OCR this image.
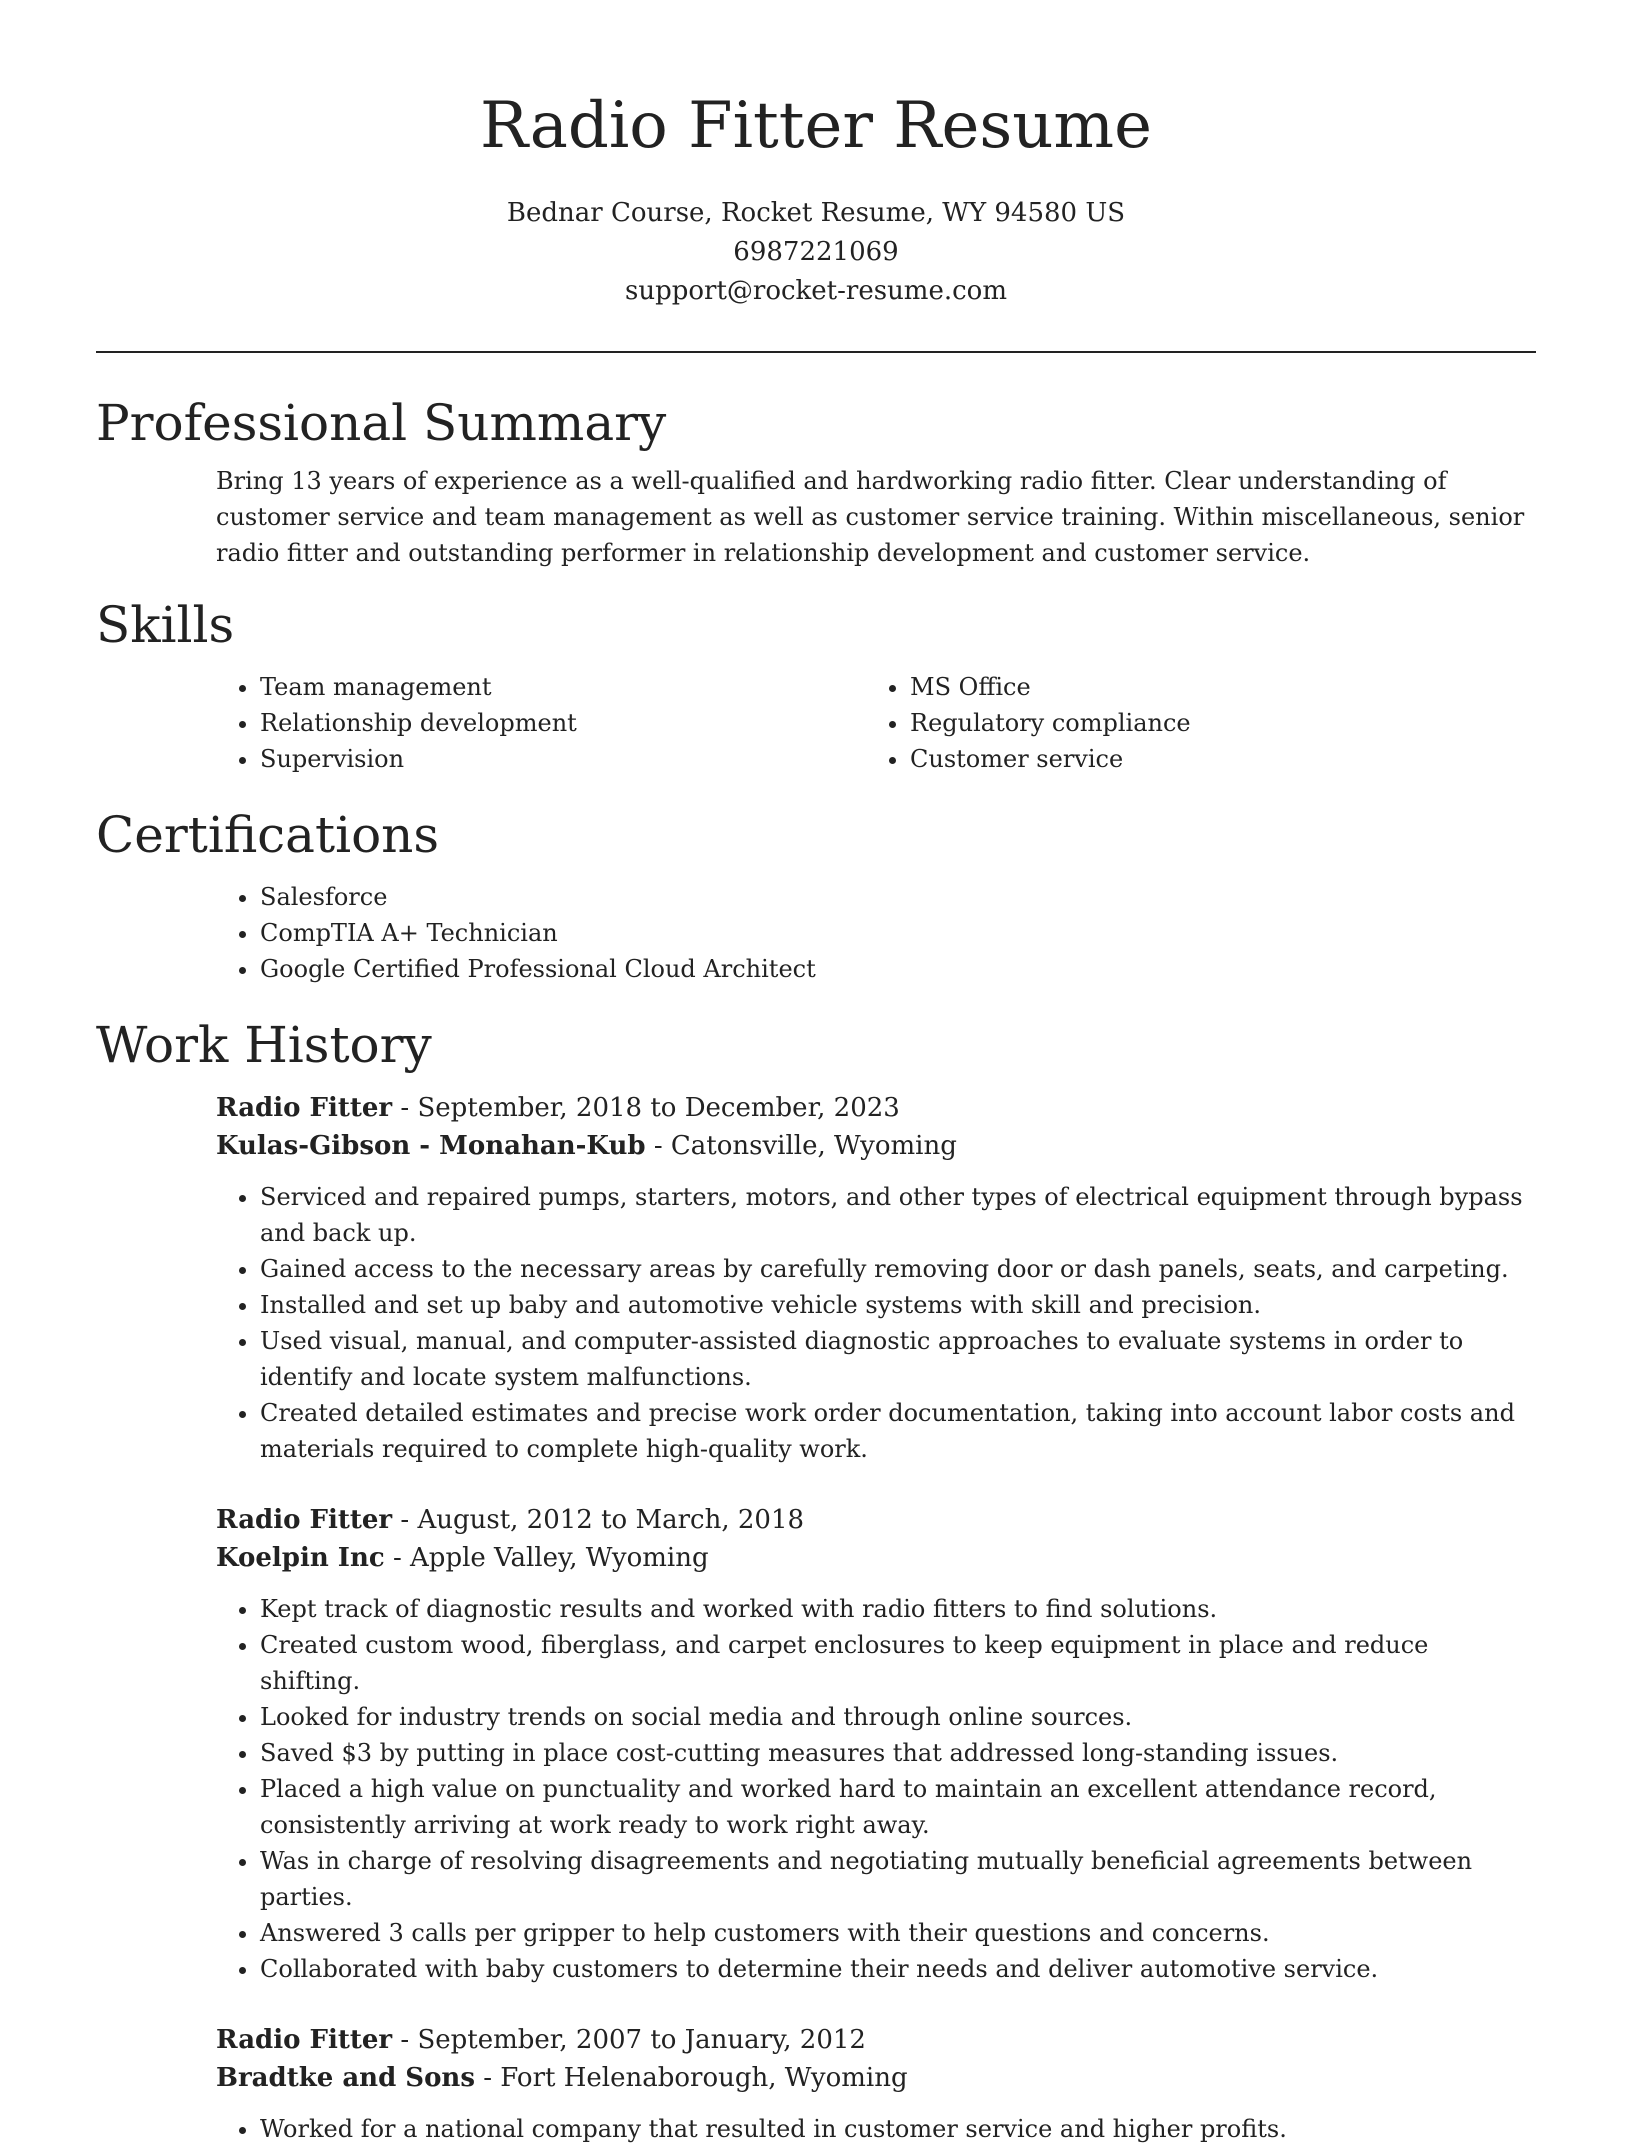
Radio Fitter Resume
Bednar Course, Rocket Resume, WY 94580 US
6987221069
support@rocket-resume.com
Professional Summary
Bring 13 years of experience as a well-qualified and hardworking radio fitter. Clear understanding of customer service and team management as well as customer service training. Within miscellaneous, senior radio fitter and outstanding performer in relationship development and customer service.
Skills
• Team management
• Relationship development
• Supervision
• MS Office
• Regulatory compliance
• Customer service
Certifications
• Salesforce
• CompTIA A+ Technician
• Google Certified Professional Cloud Architect
Work History
Radio Fitter - September, 2018 to December, 2023
Kulas-Gibson - Monahan-Kub - Catonsville, Wyoming
• Serviced and repaired pumps, starters, motors, and other types of electrical equipment through bypass and back up.
• Gained access to the necessary areas by carefully removing door or dash panels, seats, and carpeting.
• Installed and set up baby and automotive vehicle systems with skill and precision.
• Used visual, manual, and computer-assisted diagnostic approaches to evaluate systems in order to identify and locate system malfunctions.
• Created detailed estimates and precise work order documentation, taking into account labor costs and materials required to complete high-quality work.
Radio Fitter - August, 2012 to March, 2018
Koelpin Inc - Apple Valley, Wyoming
• Kept track of diagnostic results and worked with radio fitters to find solutions.
• Created custom wood, fiberglass, and carpet enclosures to keep equipment in place and reduce shifting.
• Looked for industry trends on social media and through online sources.
• Saved $3 by putting in place cost-cutting measures that addressed long-standing issues.
• Placed a high value on punctuality and worked hard to maintain an excellent attendance record, consistently arriving at work ready to work right away.
• Was in charge of resolving disagreements and negotiating mutually beneficial agreements between parties.
• Answered 3 calls per gripper to help customers with their questions and concerns.
• Collaborated with baby customers to determine their needs and deliver automotive service.
Radio Fitter - September, 2007 to January, 2012
Bradtke and Sons - Fort Helenaborough, Wyoming
• Worked for a national company that resulted in customer service and higher profits.
